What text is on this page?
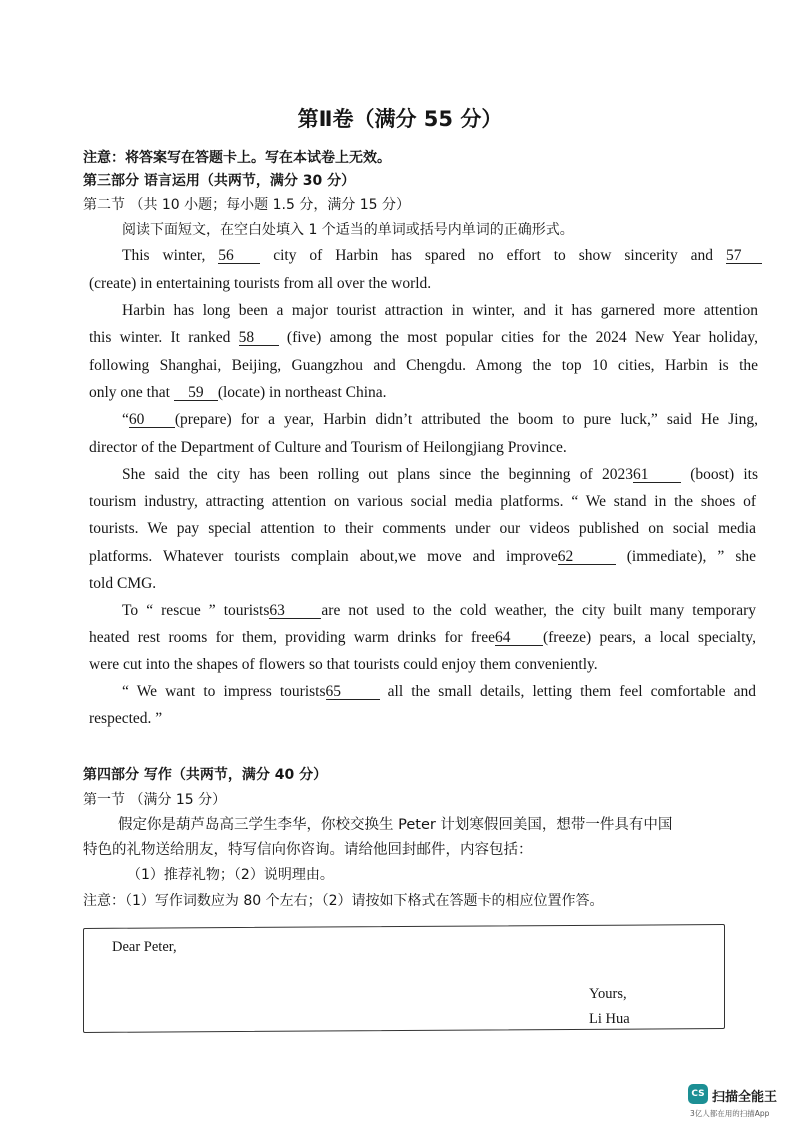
第Ⅱ卷（满分 55 分）
注意：将答案写在答题卡上。写在本试卷上无效。
第三部分 语言运用（共两节，满分 30 分）
第二节 （共 10 小题；每小题 1.5 分，满分 15 分）
阅读下面短文，在空白处填入 1 个适当的单词或括号内单词的正确形式。
This winter, 56	city of Harbin has spared no effort to show sincerity and 57
(create) in entertaining tourists from all over the world.
Harbin has long been a major tourist attraction in winter, and it has garnered more attention
this winter. It ranked 58 (five) among the most popular cities for the 2024 New Year holiday,
following Shanghai, Beijing, Guangzhou and Chengdu. Among the top 10 cities, Harbin is the
only one that 59 (locate) in northeast China.
“60 (prepare) for a year, Harbin didn’t attributed the boom to pure luck,” said He Jing,
director of the Department of Culture and Tourism of Heilongjiang Province.
She said the city has been rolling out plans since the beginning of 202361	(boost) its
tourism industry, attracting attention on various social media platforms. “ We stand in the shoes of
tourists. We pay special attention to their comments under our videos published on social media
platforms. Whatever tourists complain about,we move and improve62	(immediate), ” she
told CMG.
To “ rescue ” tourists63 are not used to the cold weather, the city built many temporary
heated rest rooms for them, providing warm drinks for free64 (freeze) pears, a local specialty,
were cut into the shapes of flowers so that tourists could enjoy them conveniently.
“ We want to impress tourists65	all the small details, letting them feel comfortable and
respected. ”
第四部分 写作（共两节，满分 40 分）
第一节 （满分 15 分）
假定你是葫芦岛高三学生李华，你校交换生 Peter 计划寒假回美国，想带一件具有中国
特色的礼物送给朋友，特写信向你咨询。请给他回封邮件，内容包括：
（1）推荐礼物；（2）说明理由。
注意：（1）写作词数应为 80 个左右；（2）请按如下格式在答题卡的相应位置作答。
Dear Peter,
Yours,
Li Hua
CS 扫描全能王
3亿人都在用的扫描App
